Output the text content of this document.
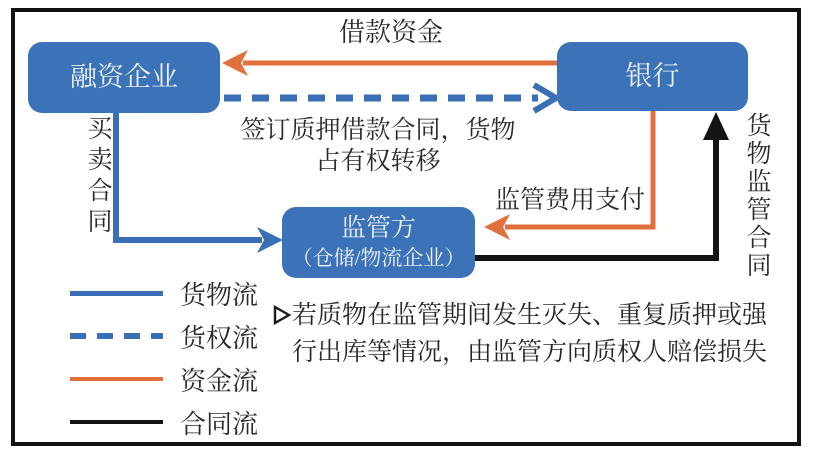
融资企业	银行
监管方
（仓储/物流企业）
借款资金
签订质押借款合同，货物
占有权转移
监管费用支付
买卖合同	货物监管合同
货物流
货权流
资金流
合同流
若质物在监管期间发生灭失、重复质押或强
行出库等情况，由监管方向质权人赔偿损失
